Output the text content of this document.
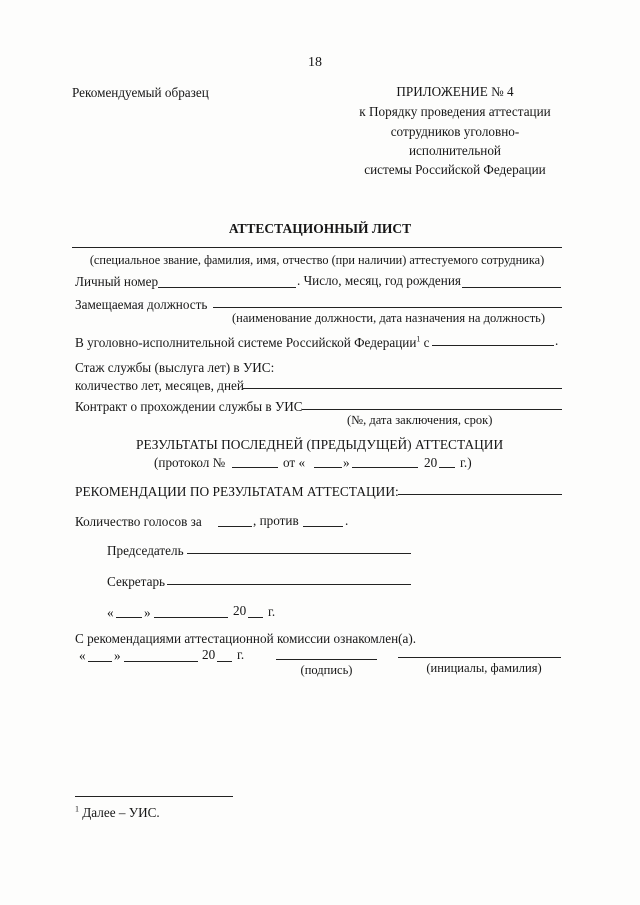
18
Рекомендуемый образец	ПРИЛОЖЕНИЕ № 4
к Порядку проведения аттестации
сотрудников уголовно-
исполнительной
системы Российской Федерации
АТТЕСТАЦИОННЫЙ ЛИСТ
(специальное звание, фамилия, имя, отчество (при наличии) аттестуемого сотрудника)
Личный номер	. Число, месяц, год рождения
Замещаемая должность
(наименование должности, дата назначения на должность)
В уголовно-исполнительной системе Российской Федерации$^1$ с	.
Стаж службы (выслуга лет) в УИС:
количество лет, месяцев, дней
Контракт о прохождении службы в УИС
(№, дата заключения, срок)
РЕЗУЛЬТАТЫ ПОСЛЕДНЕЙ (ПРЕДЫДУЩЕЙ) АТТЕСТАЦИИ
(протокол №	от «	»	20 г.)
РЕКОМЕНДАЦИИ ПО РЕЗУЛЬТАТАМ АТТЕСТАЦИИ:
Количество голосов за	, против	.
Председатель
Секретарь
« »	20 г.
С рекомендациями аттестационной комиссии ознакомлен(а).
« »	20 г.
(подпись)	(инициалы, фамилия)
$^1$ Далее – УИС.
